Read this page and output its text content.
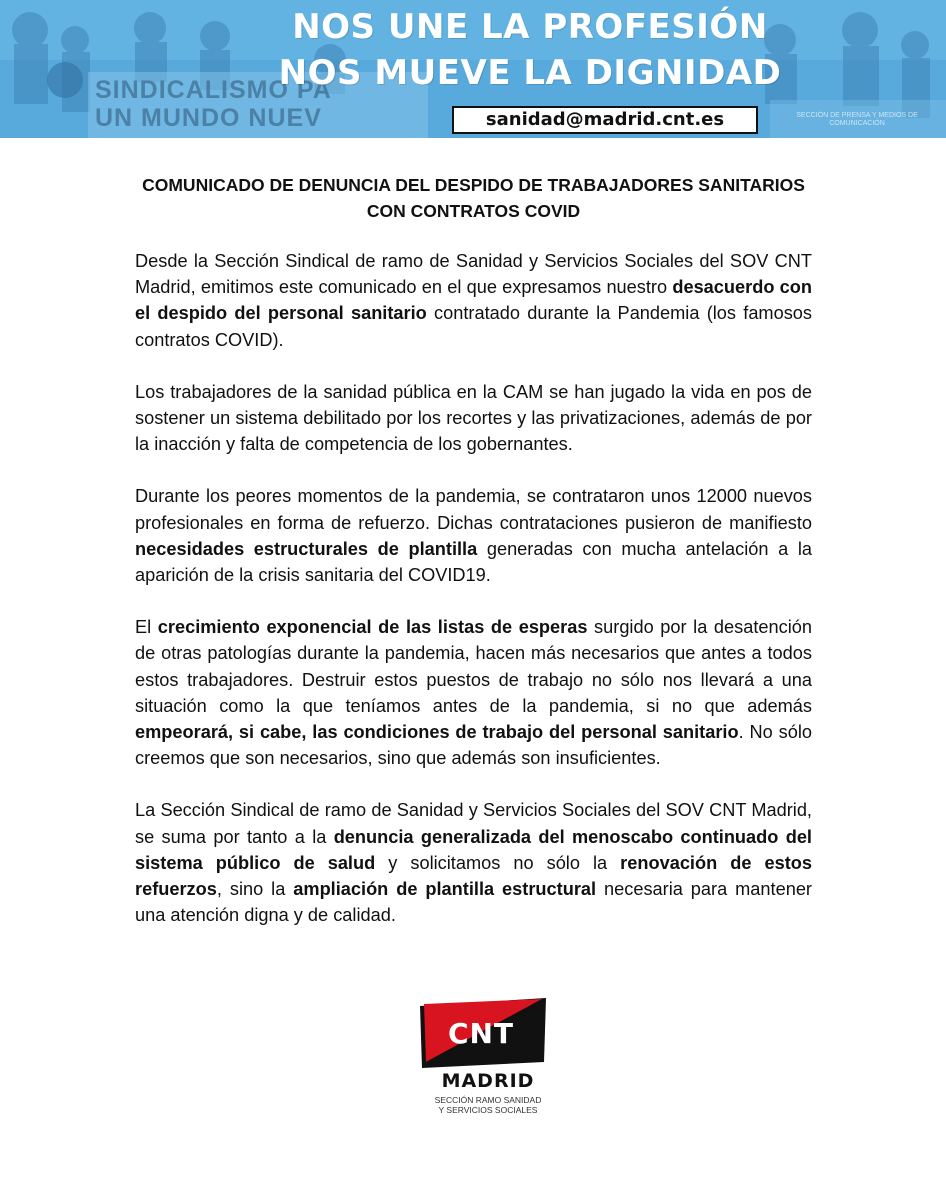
SINDICALISMO PA
UN MUNDO NUEV
NOS UNE LA PROFESIÓN
NOS MUEVE LA DIGNIDAD
sanidad@madrid.cnt.es	SECCIÓN DE PRENSA Y MEDIOS DE COMUNICACIÓN
COMUNICADO DE DENUNCIA DEL DESPIDO DE TRABAJADORES SANITARIOS CON CONTRATOS COVID

Desde la Sección Sindical de ramo de Sanidad y Servicios Sociales del SOV CNT Madrid, emitimos este comunicado en el que expresamos nuestro desacuerdo con el despido del personal sanitario contratado durante la Pandemia (los famosos contratos COVID).

Los trabajadores de la sanidad pública en la CAM se han jugado la vida en pos de sostener un sistema debilitado por los recortes y las privatizaciones, además de por la inacción y falta de competencia de los gobernantes.

Durante los peores momentos de la pandemia, se contrataron unos 12000 nuevos profesionales en forma de refuerzo. Dichas contrataciones pusieron de manifiesto necesidades estructurales de plantilla generadas con mucha antelación a la aparición de la crisis sanitaria del COVID19.

El crecimiento exponencial de las listas de esperas surgido por la desatención de otras patologías durante la pandemia, hacen más necesarios que antes a todos estos trabajadores. Destruir estos puestos de trabajo no sólo nos llevará a una situación como la que teníamos antes de la pandemia, si no que además empeorará, si cabe, las condiciones de trabajo del personal sanitario. No sólo creemos que son necesarios, sino que además son insuficientes.

La Sección Sindical de ramo de Sanidad y Servicios Sociales del SOV CNT Madrid, se suma por tanto a la denuncia generalizada del menoscabo continuado del sistema público de salud y solicitamos no sólo la renovación de estos refuerzos, sino la ampliación de plantilla estructural necesaria para mantener una atención digna y de calidad.

CNT
MADRID
SECCIÓN RAMO SANIDAD
Y SERVICIOS SOCIALES
